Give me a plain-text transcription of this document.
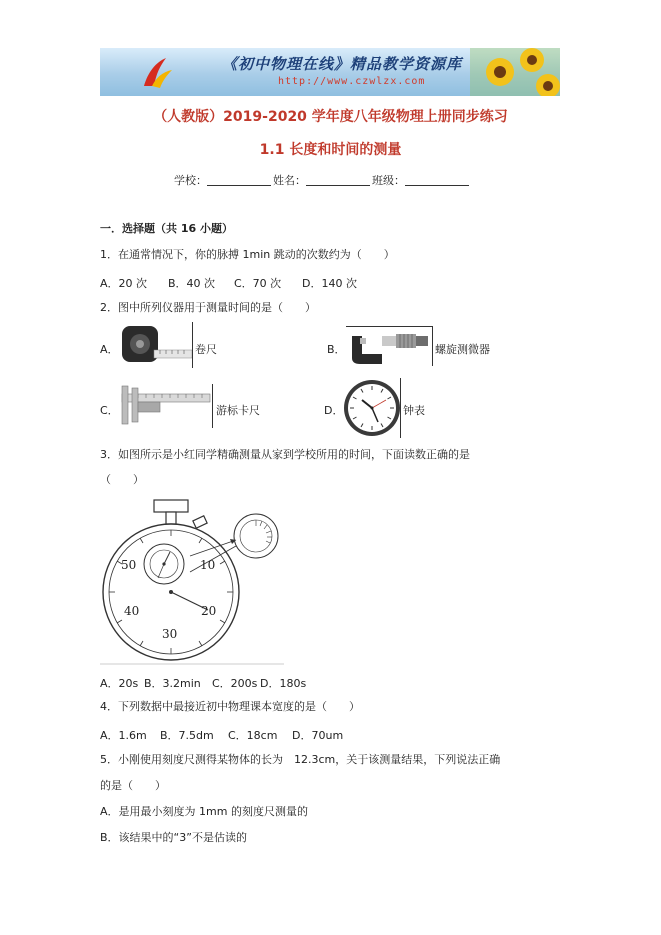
《初中物理在线》精品教学资源库
http://www.czwlzx.com
（人教版）2019-2020 学年度八年级物理上册同步练习
1.1 长度和时间的测量
学校：	姓名：	班级：
一．选择题（共 16 小题）
1．在通常情况下，你的脉搏 1min 跳动的次数约为（　　）
A．20 次 B．40 次 C．70 次 D．140 次
2．图中所列仪器用于测量时间的是（　　）
A．	卷尺	B．	螺旋测微器
C．	游标卡尺	D．	钟表
3．如图所示是小红同学精确测量从家到学校所用的时间，下面读数正确的是
（　　）
50	10
40	20
30
A．20s B．3.2min C．200s D．180s
4．下列数据中最接近初中物理课本宽度的是（　　）
A．1.6m B．7.5dm C．18cm D．70um
5．小刚使用刻度尺测得某物体的长为　12.3cm，关于该测量结果，下列说法正确
的是（　　）
A．是用最小刻度为 1mm 的刻度尺测量的
B．该结果中的“3”不是估读的
